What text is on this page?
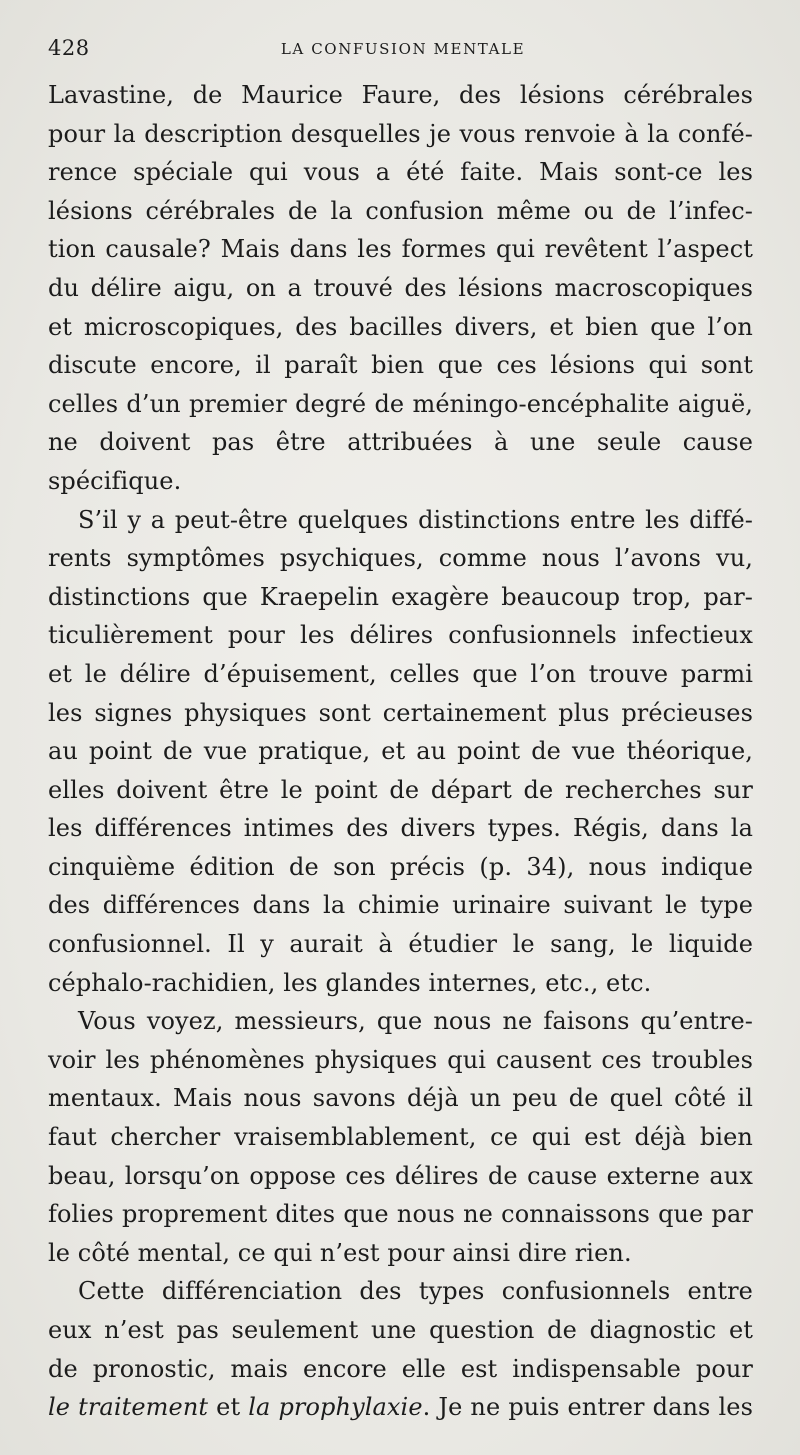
428	LA CONFUSION MENTALE
Lavastine, de Maurice Faure, des lésions cérébrales
pour la description desquelles je vous renvoie à la confé-
rence spéciale qui vous a été faite. Mais sont-ce les
lésions cérébrales de la confusion même ou de l’infec-
tion causale? Mais dans les formes qui revêtent l’aspect
du délire aigu, on a trouvé des lésions macroscopiques
et microscopiques, des bacilles divers, et bien que l’on
discute encore, il paraît bien que ces lésions qui sont
celles d’un premier degré de méningo-encéphalite aiguë,
ne doivent pas être attribuées à une seule cause
spécifique.
S’il y a peut-être quelques distinctions entre les diffé-
rents symptômes psychiques, comme nous l’avons vu,
distinctions que Kraepelin exagère beaucoup trop, par-
ticulièrement pour les délires confusionnels infectieux
et le délire d’épuisement, celles que l’on trouve parmi
les signes physiques sont certainement plus précieuses
au point de vue pratique, et au point de vue théorique,
elles doivent être le point de départ de recherches sur
les différences intimes des divers types. Régis, dans la
cinquième édition de son précis (p. 34), nous indique
des différences dans la chimie urinaire suivant le type
confusionnel. Il y aurait à étudier le sang, le liquide
céphalo-rachidien, les glandes internes, etc., etc.
Vous voyez, messieurs, que nous ne faisons qu’entre-
voir les phénomènes physiques qui causent ces troubles
mentaux. Mais nous savons déjà un peu de quel côté il
faut chercher vraisemblablement, ce qui est déjà bien
beau, lorsqu’on oppose ces délires de cause externe aux
folies proprement dites que nous ne connaissons que par
le côté mental, ce qui n’est pour ainsi dire rien.
Cette différenciation des types confusionnels entre
eux n’est pas seulement une question de diagnostic et
de pronostic, mais encore elle est indispensable pour
le traitement et la prophylaxie. Je ne puis entrer dans les
